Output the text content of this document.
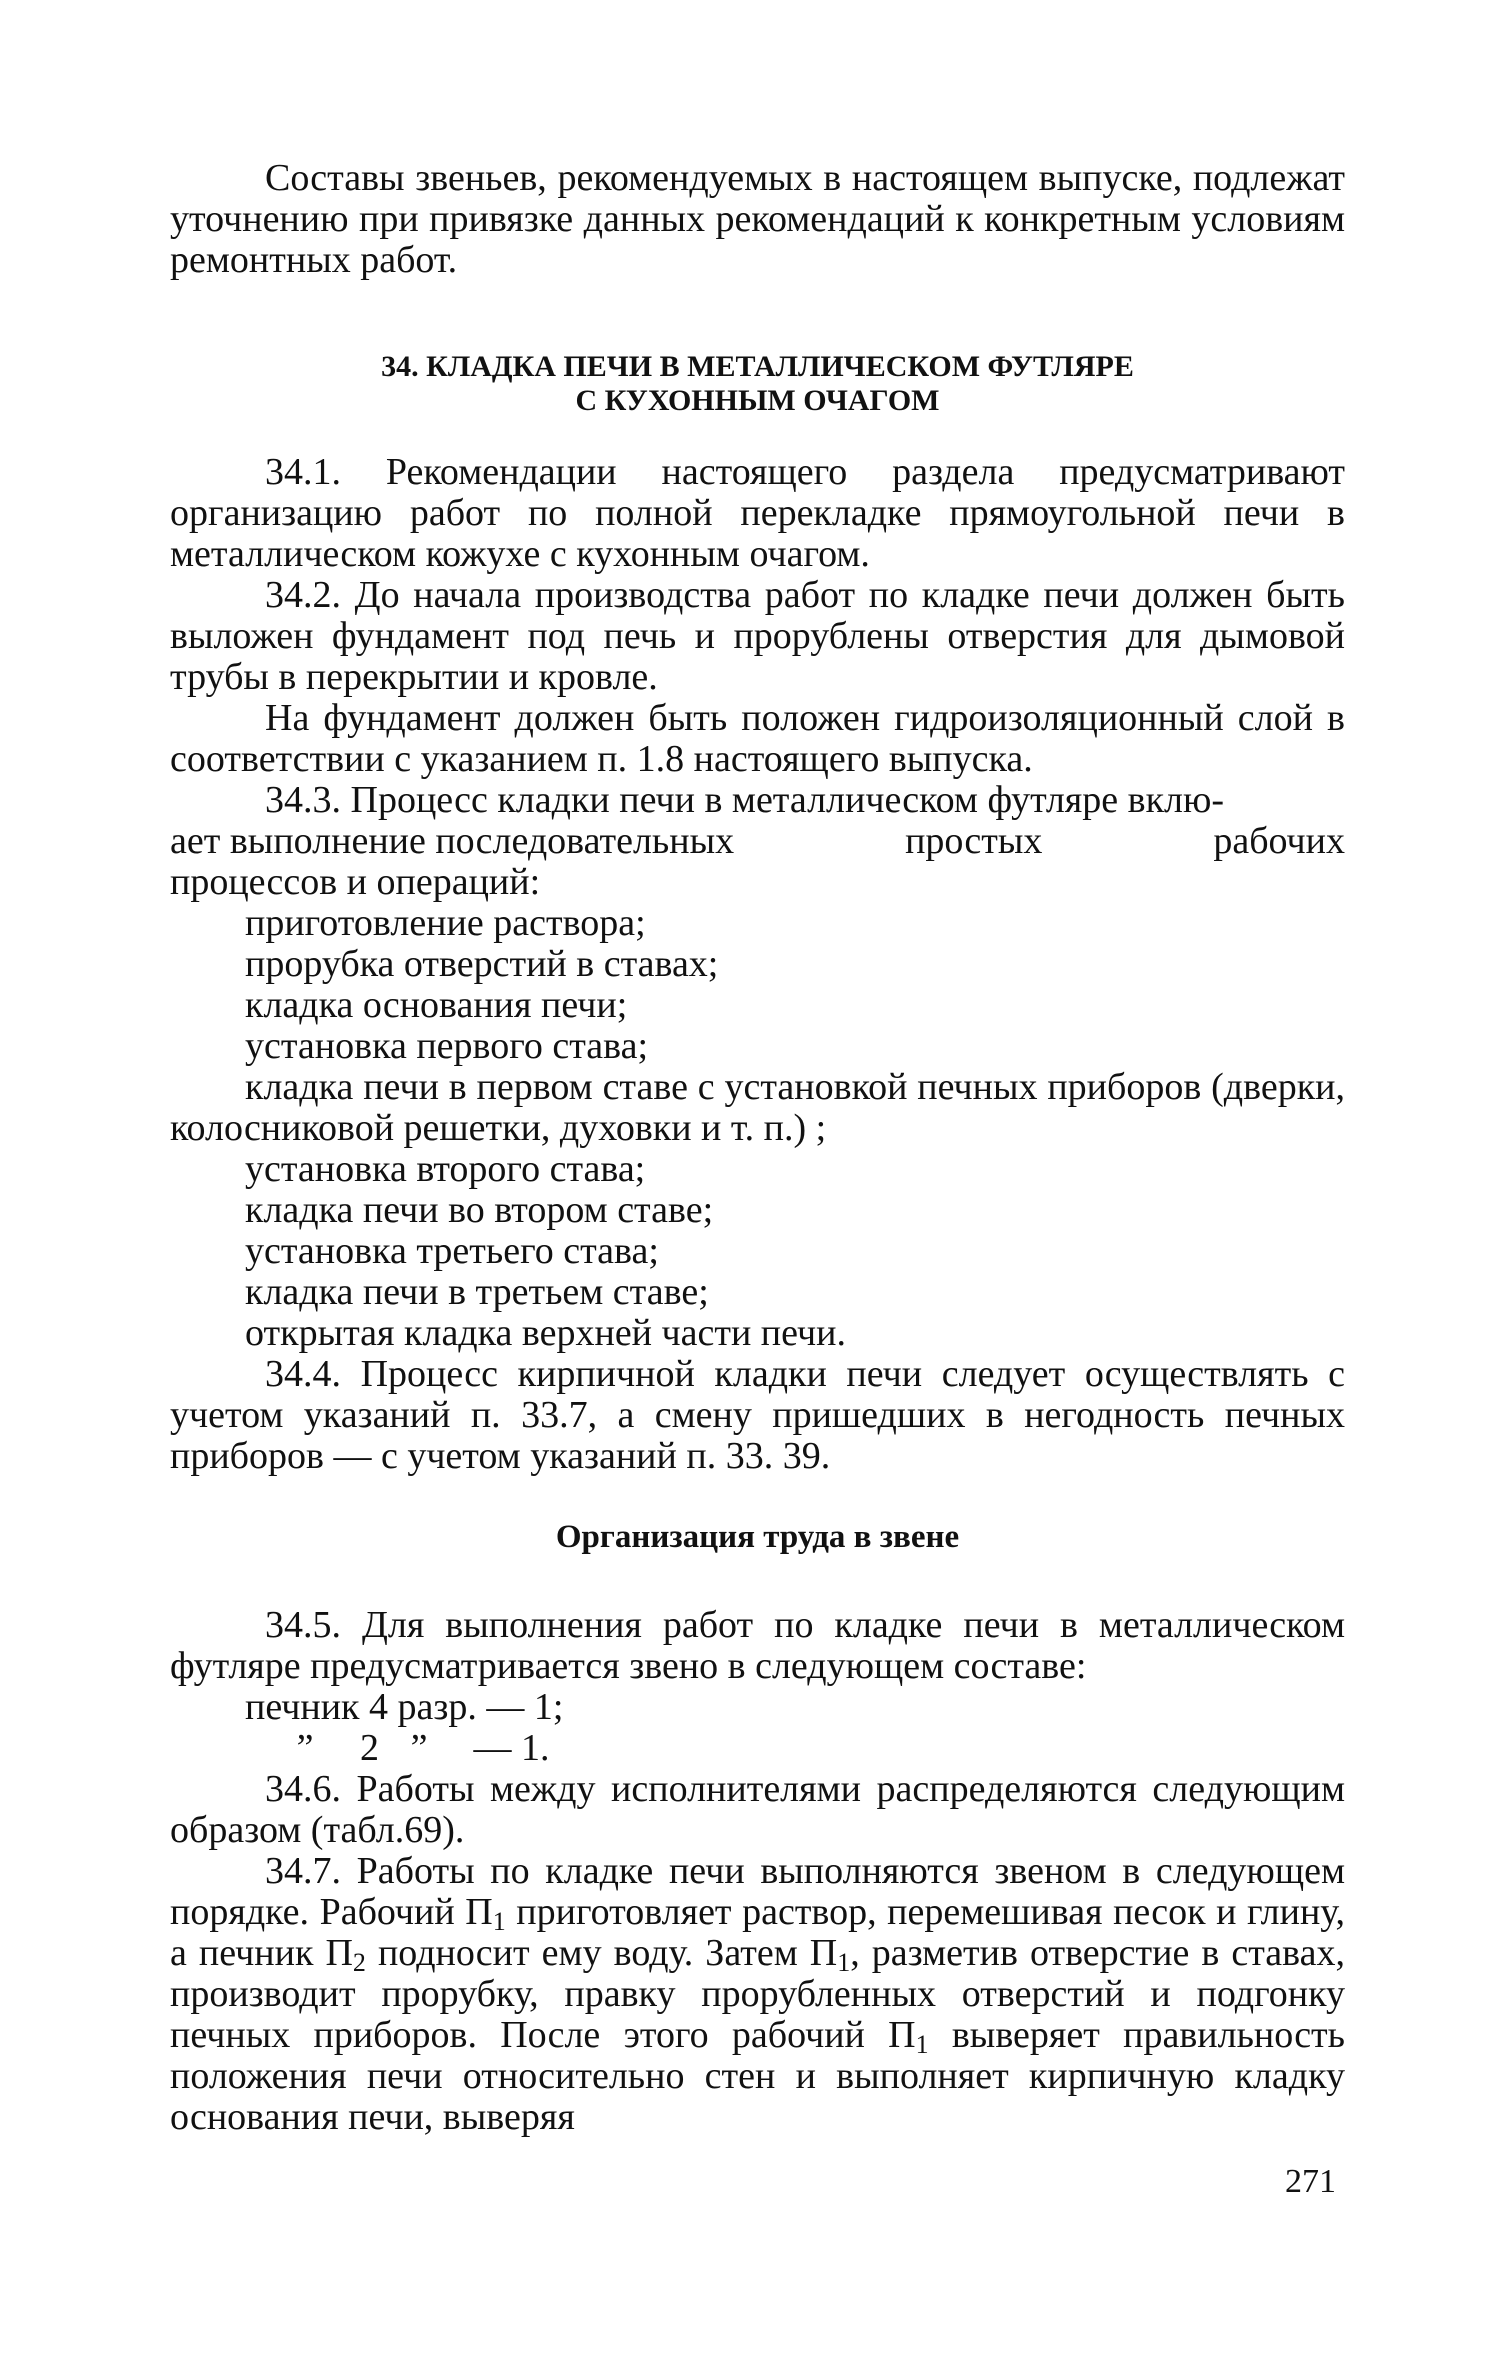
Составы звеньев, рекомендуемых в настоящем выпуске, подлежат уточнению при привязке данных рекомендаций к конкретным условиям ремонтных работ.

34. КЛАДКА ПЕЧИ В МЕТАЛЛИЧЕСКОМ ФУТЛЯРЕ
С КУХОННЫМ ОЧАГОМ

34.1. Рекомендации настоящего раздела предусматривают организацию работ по полной перекладке прямоугольной печи в металлическом кожухе с кухонным очагом.

34.2. До начала производства работ по кладке печи должен быть выложен фундамент под печь и прорублены отверстия для дымовой трубы в перекрытии и кровле.

На фундамент должен быть положен гидроизоляционный слой в соответствии с указанием п. 1.8 настоящего выпуска.

34.3. Процесс кладки печи в металлическом футляре вклю-

ает выполнение последовательных	простых	рабочих

процессов и операций:

приготовление раствора;
прорубка отверстий в ставах;
кладка основания печи;
установка первого става;
кладка печи в первом ставе с установкой печных приборов (дверки, колосниковой решетки, духовки и т. п.) ;
установка второго става;
кладка печи во втором ставе;
установка третьего става;
кладка печи в третьем ставе;
открытая кладка верхней части печи.

34.4. Процесс кирпичной кладки печи следует осуществлять с учетом указаний п. 33.7, а смену пришедших в негодность печных приборов — с учетом указаний п. 33. 39.

Организация труда в звене

34.5. Для выполнения работ по кладке печи в металлическом футляре предусматривается звено в следующем составе:

печник 4 разр. — 1;

” 2 ” — 1.

34.6. Работы между исполнителями распределяются следующим образом (табл.69).

34.7. Работы по кладке печи выполняются звеном в следующем порядке. Рабочий $П_1$ приготовляет раствор, перемешивая песок и глину, а печник $П_2$ подносит ему воду. Затем $П_1$, разметив отверстие в ставах, производит прорубку, правку прорубленных отверстий и подгонку печных приборов. После этого рабочий $П_1$ выверяет правильность положения печи относительно стен и выполняет кирпичную кладку основания печи, выверяя

271
